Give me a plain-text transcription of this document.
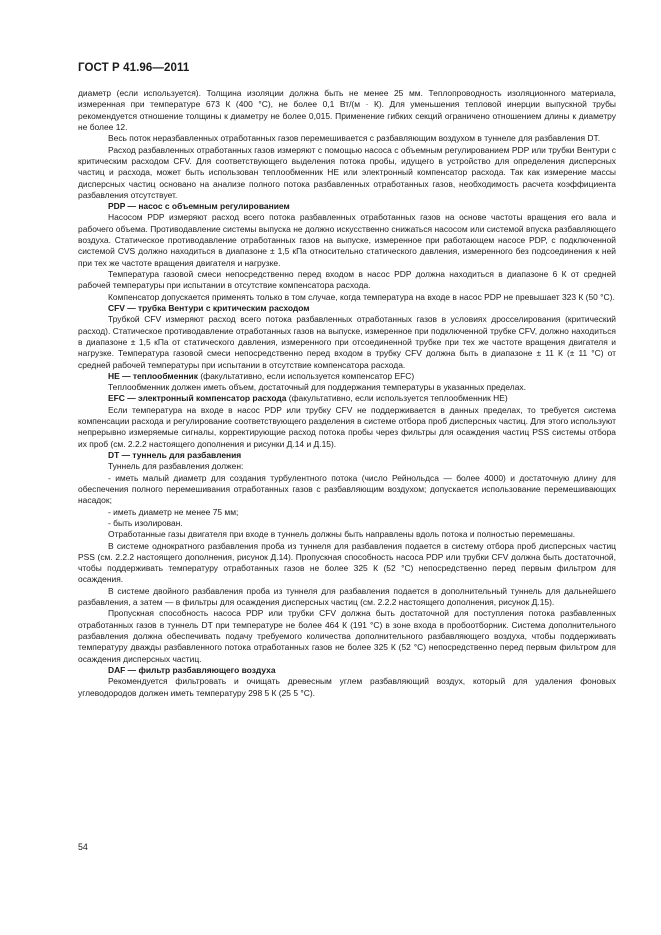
ГОСТ Р 41.96—2011

диаметр (если используется). Толщина изоляции должна быть не менее 25 мм. Теплопроводность изоляционного материала, измеренная при температуре 673 К (400 °С), не более 0,1 Вт/(м · К). Для уменьшения тепловой инерции выпускной трубы рекомендуется отношение толщины к диаметру не более 0,015. Применение гибких секций ограничено отношением длины к диаметру не более 12.

Весь поток неразбавленных отработанных газов перемешивается с разбавляющим воздухом в туннеле для разбавления DT.

Расход разбавленных отработанных газов измеряют с помощью насоса с объемным регулированием PDP или трубки Вентури с критическим расходом CFV. Для соответствующего выделения потока пробы, идущего в устройство для определения дисперсных частиц и расхода, может быть использован теплообменник НЕ или электронный компенсатор расхода. Так как измерение массы дисперсных частиц основано на анализе полного потока разбавленных отработанных газов, необходимость расчета коэффициента разбавления отсутствует.

PDP — насос с объемным регулированием

Насосом PDP измеряют расход всего потока разбавленных отработанных газов на основе частоты вращения его вала и рабочего объема. Противодавление системы выпуска не должно искусственно снижаться насосом или системой впуска разбавляющего воздуха. Статическое противодавление отработанных газов на выпуске, измеренное при работающем насосе PDP, с подключенной системой CVS должно находиться в диапазоне ± 1,5 кПа относительно статического давления, измеренного без подсоединения к ней при тех же частоте вращения двигателя и нагрузке.

Температура газовой смеси непосредственно перед входом в насос PDP должна находиться в диапазоне 6 К от средней рабочей температуры при испытании в отсутствие компенсатора расхода.

Компенсатор допускается применять только в том случае, когда температура на входе в насос PDP не превышает 323 К (50 °С).

CFV — трубка Вентури с критическим расходом

Трубкой CFV измеряют расход всего потока разбавленных отработанных газов в условиях дросселирования (критический расход). Статическое противодавление отработанных газов на выпуске, измеренное при подключенной трубке CFV, должно находиться в диапазоне ± 1,5 кПа от статического давления, измеренного при отсоединенной трубке при тех же частоте вращения двигателя и нагрузке. Температура газовой смеси непосредственно перед входом в трубку CFV должна быть в диапазоне ± 11 К (± 11 °С) от средней рабочей температуры при испытании в отсутствие компенсатора расхода.

НЕ — теплообменник (факультативно, если используется компенсатор EFC)

Теплообменник должен иметь объем, достаточный для поддержания температуры в указанных пределах.

EFC — электронный компенсатор расхода (факультативно, если используется теплообменник НЕ)

Если температура на входе в насос PDP или трубку CFV не поддерживается в данных пределах, то требуется система компенсации расхода и регулирование соответствующего разделения в системе отбора проб дисперсных частиц. Для этого используют непрерывно измеряемые сигналы, корректирующие расход потока пробы через фильтры для осаждения частиц PSS системы отбора их проб (см. 2.2.2 настоящего дополнения и рисунки Д.14 и Д.15).

DT — туннель для разбавления

Туннель для разбавления должен:

- иметь малый диаметр для создания турбулентного потока (число Рейнольдса — более 4000) и достаточную длину для обеспечения полного перемешивания отработанных газов с разбавляющим воздухом; допускается использование перемешивающих насадок;

- иметь диаметр не менее 75 мм;

- быть изолирован.

Отработанные газы двигателя при входе в туннель должны быть направлены вдоль потока и полностью перемешаны.

В системе однократного разбавления проба из туннеля для разбавления подается в систему отбора проб дисперсных частиц PSS (см. 2.2.2 настоящего дополнения, рисунок Д.14). Пропускная способность насоса PDP или трубки CFV должна быть достаточной, чтобы поддерживать температуру отработанных газов не более 325 К (52 °С) непосредственно перед первым фильтром для осаждения.

В системе двойного разбавления проба из туннеля для разбавления подается в дополнительный туннель для дальнейшего разбавления, а затем — в фильтры для осаждения дисперсных частиц (см. 2.2.2 настоящего дополнения, рисунок Д.15).

Пропускная способность насоса PDP или трубки CFV должна быть достаточной для поступления потока разбавленных отработанных газов в туннель DT при температуре не более 464 К (191 °С) в зоне входа в пробоотборник. Система дополнительного разбавления должна обеспечивать подачу требуемого количества дополнительного разбавляющего воздуха, чтобы поддерживать температуру дважды разбавленного потока отработанных газов не более 325 К (52 °С) непосредственно перед первым фильтром для осаждения дисперсных частиц.

DAF — фильтр разбавляющего воздуха

Рекомендуется фильтровать и очищать древесным углем разбавляющий воздух, который для удаления фоновых углеводородов должен иметь температуру 298 5 К (25 5 °С).

54
